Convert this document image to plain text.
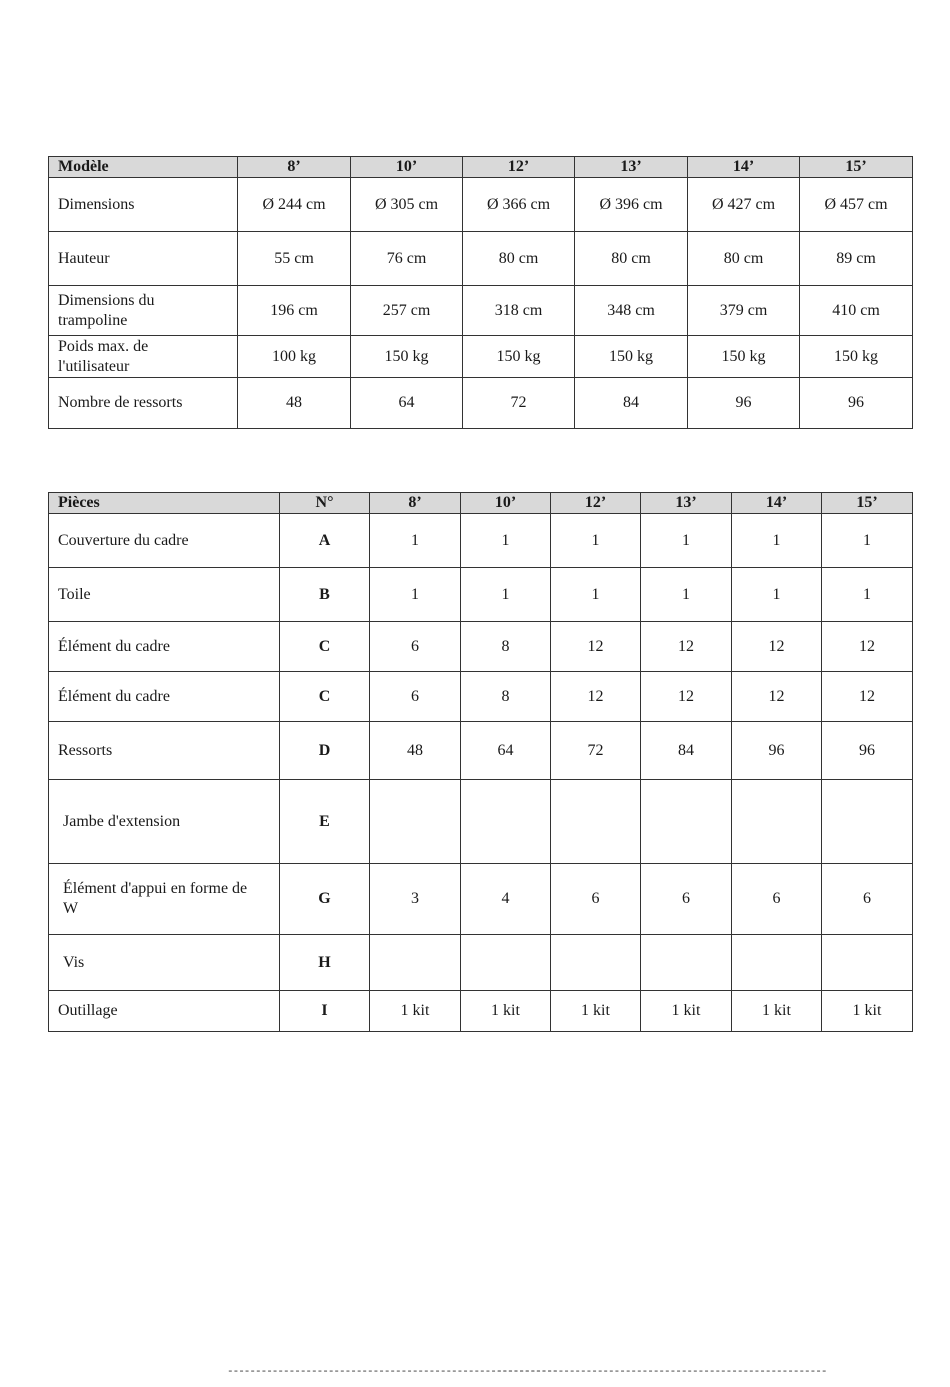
Modèle	8’	10’	12’	13’	14’	15’

Dimensions	Ø 244 cm	Ø 305 cm	Ø 366 cm	Ø 396 cm	Ø 427 cm	Ø 457 cm

Hauteur	55 cm	76 cm	80 cm	80 cm	80 cm	89 cm

Dimensions du
trampoline	196 cm	257 cm	318 cm	348 cm	379 cm	410 cm

Poids max. de
l'utilisateur	100 kg	150 kg	150 kg	150 kg	150 kg	150 kg

Nombre de ressorts	48	64	72	84	96	96
Pièces	N°	8’	10’	12’	13’	14’	15’

Couverture du cadre	A	1	1	1	1	1	1

Toile	B	1	1	1	1	1	1

Élément du cadre	C	6	8	12	12	12	12

Élément du cadre	C	6	8	12	12	12	12

Ressorts	D	48	64	72	84	96	96

Jambe d'extension	E						

Élément d'appui en forme de
W	G	3	4	6	6	6	6

Vis	H						

Outillage	I	1 kit	1 kit	1 kit	1 kit	1 kit	1 kit
-----------------------------------------------------------
-----------------------------------------------------------
